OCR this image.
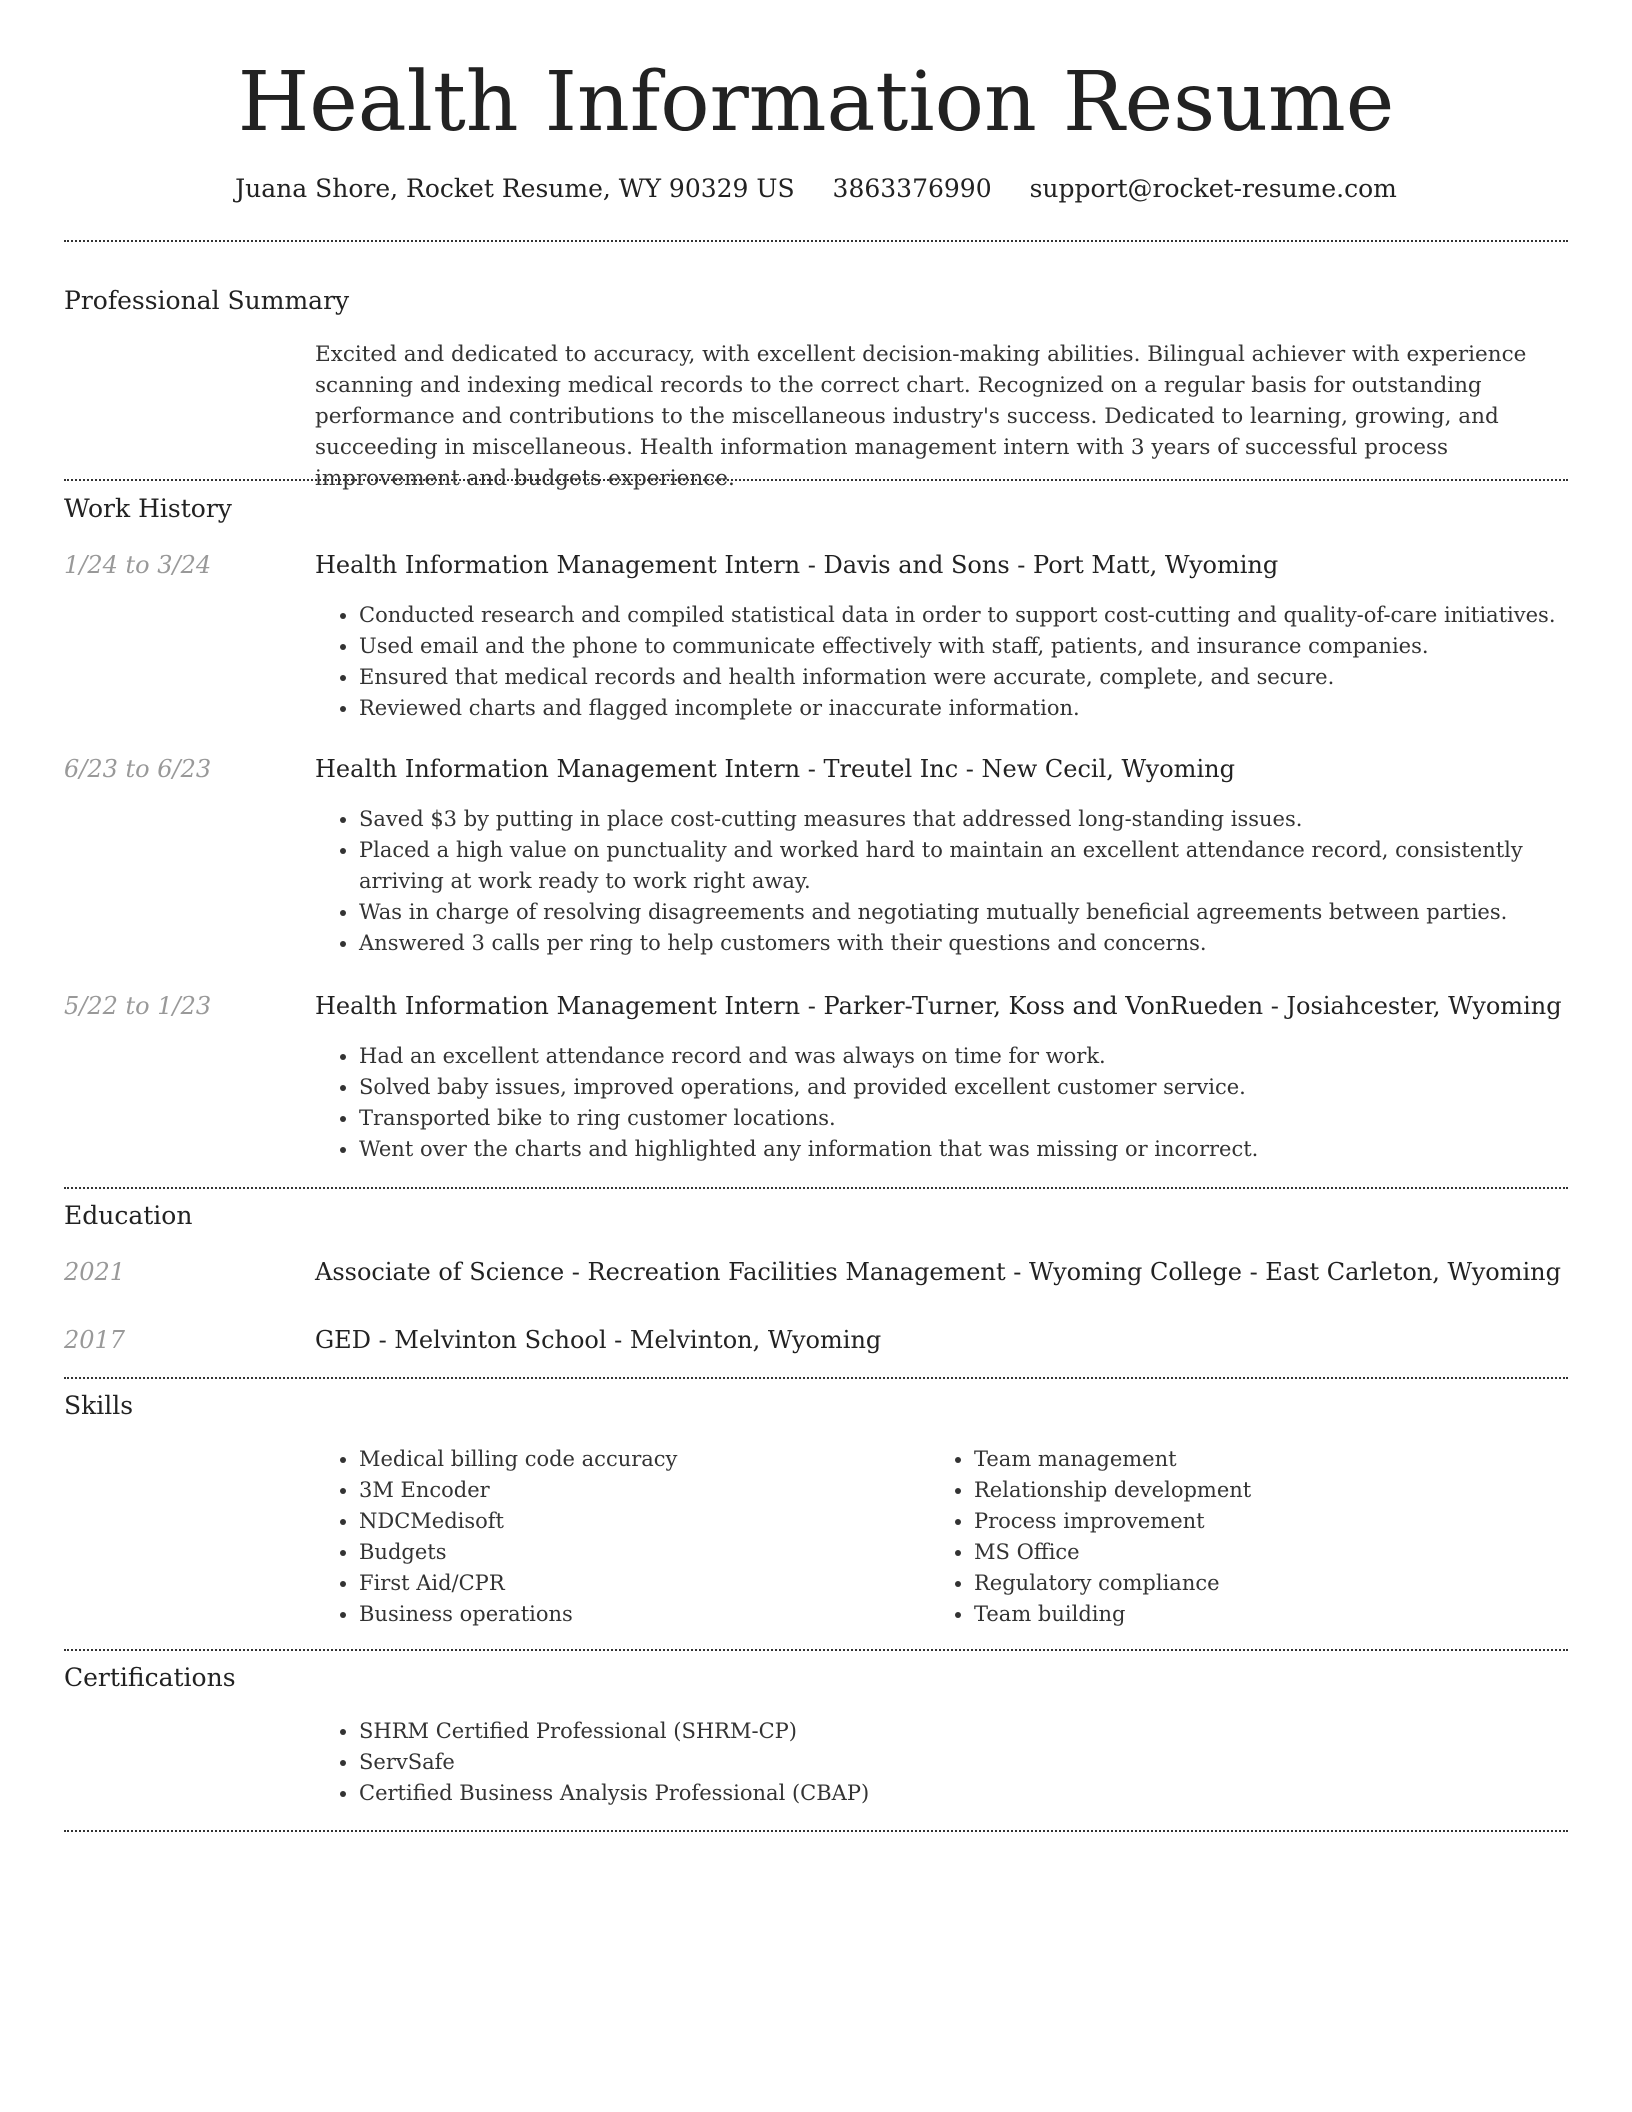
Health Information Resume
Juana Shore, Rocket Resume, WY 90329 US 3863376990 support@rocket-resume.com
Professional Summary
Excited and dedicated to accuracy, with excellent decision-making abilities. Bilingual achiever with experience scanning and indexing medical records to the correct chart. Recognized on a regular basis for outstanding performance and contributions to the miscellaneous industry's success. Dedicated to learning, growing, and succeeding in miscellaneous. Health information management intern with 3 years of successful process improvement and budgets experience.
Work History
1/24 to 3/24	Health Information Management Intern - Davis and Sons - Port Matt, Wyoming
• Conducted research and compiled statistical data in order to support cost-cutting and quality-of-care initiatives.
• Used email and the phone to communicate effectively with staff, patients, and insurance companies.
• Ensured that medical records and health information were accurate, complete, and secure.
• Reviewed charts and flagged incomplete or inaccurate information.
6/23 to 6/23	Health Information Management Intern - Treutel Inc - New Cecil, Wyoming
• Saved $3 by putting in place cost-cutting measures that addressed long-standing issues.
• Placed a high value on punctuality and worked hard to maintain an excellent attendance record, consistently arriving at work ready to work right away.
• Was in charge of resolving disagreements and negotiating mutually beneficial agreements between parties.
• Answered 3 calls per ring to help customers with their questions and concerns.
5/22 to 1/23	Health Information Management Intern - Parker-Turner, Koss and VonRueden - Josiahcester, Wyoming
• Had an excellent attendance record and was always on time for work.
• Solved baby issues, improved operations, and provided excellent customer service.
• Transported bike to ring customer locations.
• Went over the charts and highlighted any information that was missing or incorrect.
Education
2021	Associate of Science - Recreation Facilities Management - Wyoming College - East Carleton, Wyoming
2017	GED - Melvinton School - Melvinton, Wyoming
Skills
• Medical billing code accuracy
• 3M Encoder
• NDCMedisoft
• Budgets
• First Aid/CPR
• Business operations
• Team management
• Relationship development
• Process improvement
• MS Office
• Regulatory compliance
• Team building
Certifications
• SHRM Certified Professional (SHRM-CP)
• ServSafe
• Certified Business Analysis Professional (CBAP)
